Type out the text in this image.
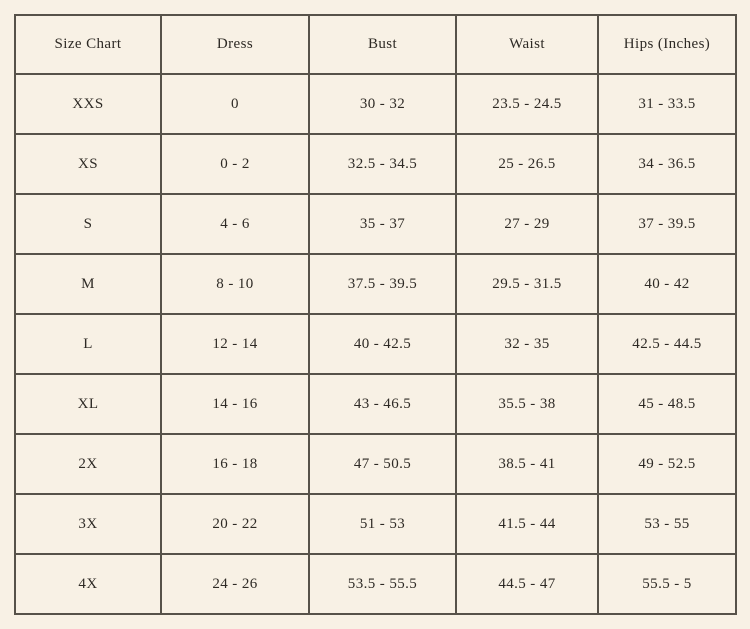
Size Chart	Dress	Bust	Waist	Hips (Inches)
XXS	0	30 - 32	23.5 - 24.5	31 - 33.5
XS	0 - 2	32.5 - 34.5	25 - 26.5	34 - 36.5
S	4 - 6	35 - 37	27 - 29	37 - 39.5
M	8 - 10	37.5 - 39.5	29.5 - 31.5	40 - 42
L	12 - 14	40 - 42.5	32 - 35	42.5 - 44.5
XL	14 - 16	43 - 46.5	35.5 - 38	45 - 48.5
2X	16 - 18	47 - 50.5	38.5 - 41	49 - 52.5
3X	20 - 22	51 - 53	41.5 - 44	53 - 55
4X	24 - 26	53.5 - 55.5	44.5 - 47	55.5 - 5
